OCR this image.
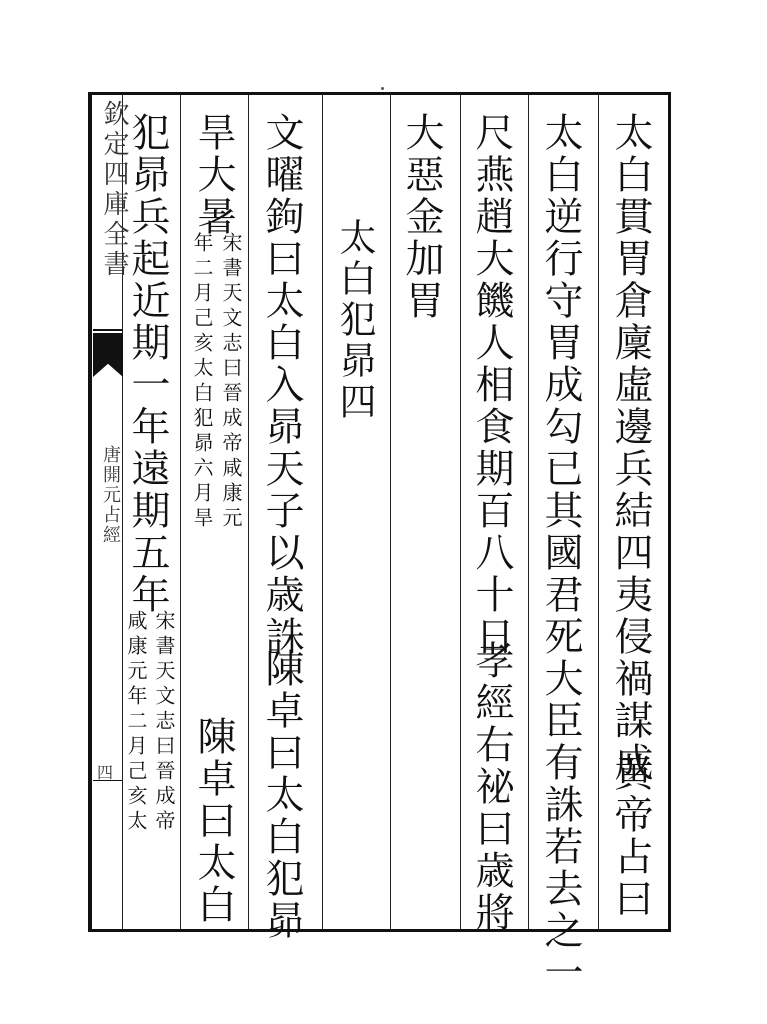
欽定四庫全書
唐開元占經
四	太白貫胃倉廩虛邊兵結四夷侵禍謀成
黄帝占曰
太白逆行守胃成勾已其國君死大臣有誅若去之一
尺燕趙大饑人相食期百八十日
孝經右祕曰歳將
大惡金加胃
太白犯昴四
文曜鉤曰太白入昴天子以歳誅
陳卓曰太白犯昴
旱大暑
宋書天文志曰晉成帝咸康元
年二月己亥太白犯昴六月旱
陳卓曰太白
犯昴兵起近期一年遠期五年
宋書天文志曰晉成帝
咸康元年二月己亥太
